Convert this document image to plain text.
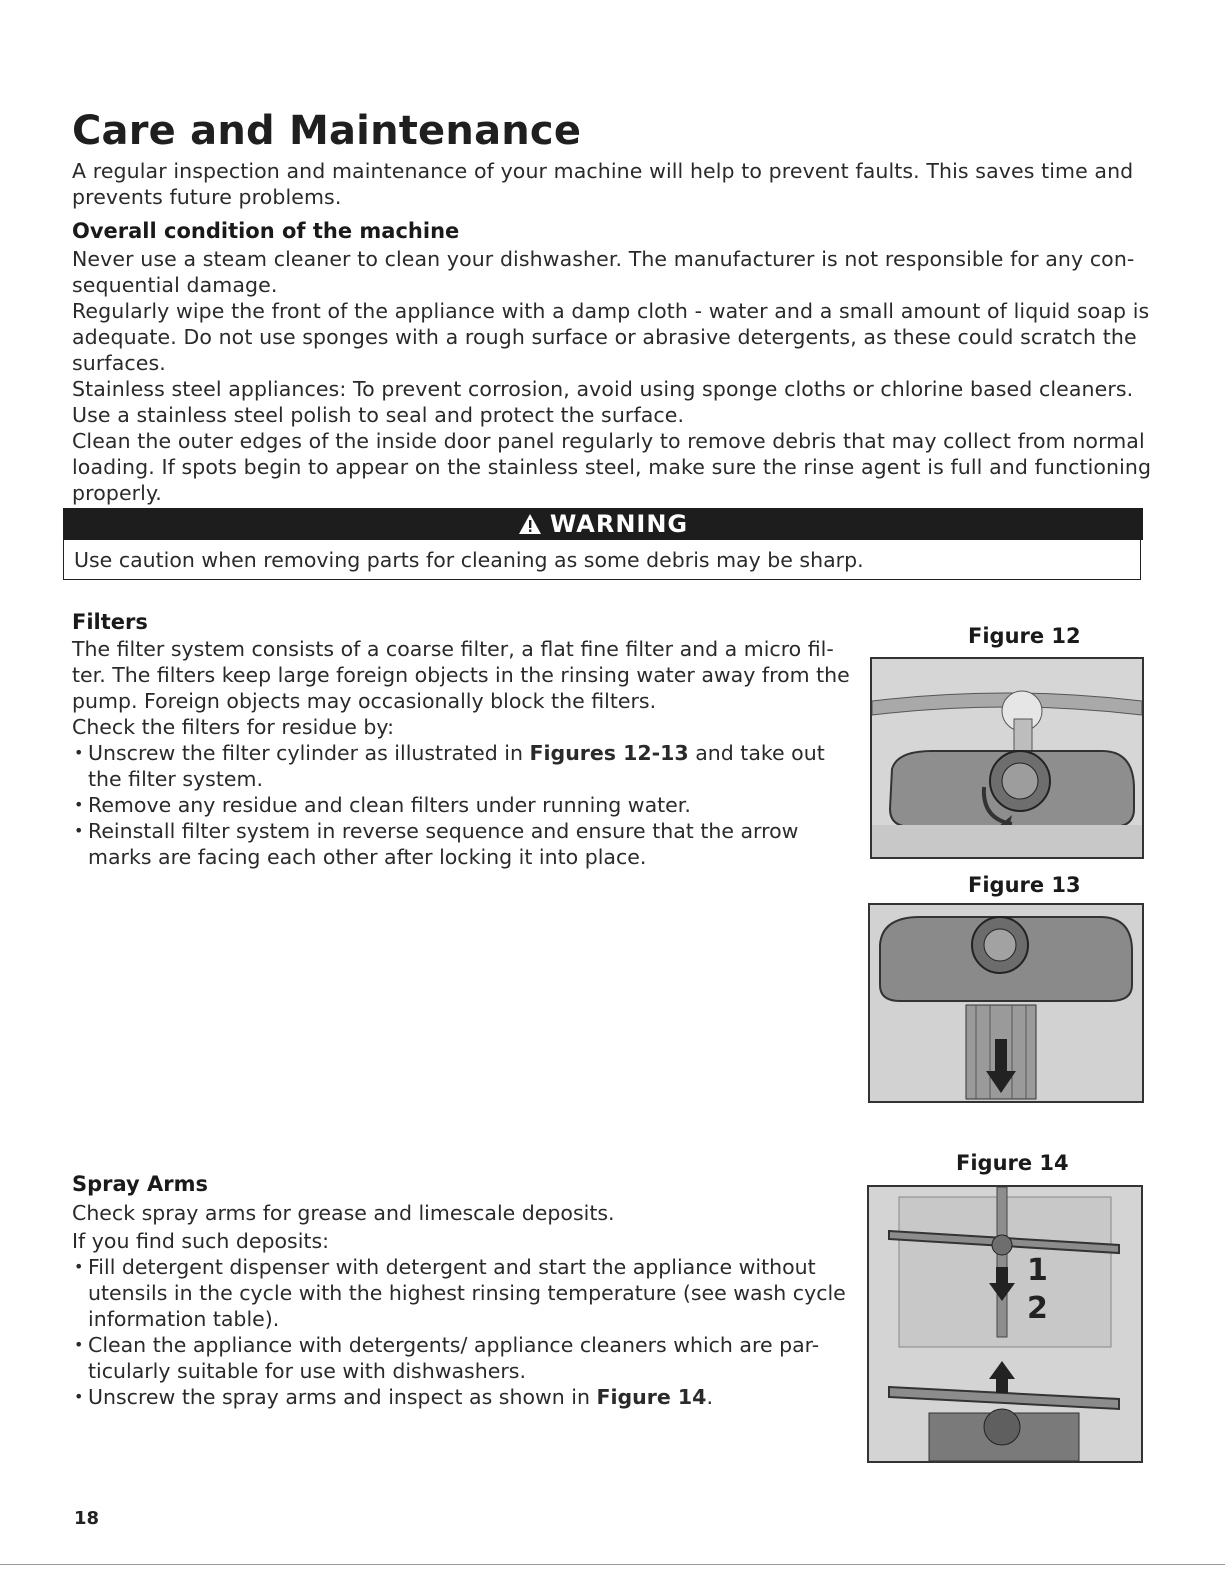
Care and Maintenance

A regular inspection and maintenance of your machine will help to prevent faults. This saves time and prevents future problems.

Overall condition of the machine

Never use a steam cleaner to clean your dishwasher. The manufacturer is not responsible for any con-sequential damage.

Regularly wipe the front of the appliance with a damp cloth - water and a small amount of liquid soap is adequate. Do not use sponges with a rough surface or abrasive detergents, as these could scratch the surfaces.

Stainless steel appliances: To prevent corrosion, avoid using sponge cloths or chlorine based cleaners. Use a stainless steel polish to seal and protect the surface.

Clean the outer edges of the inside door panel regularly to remove debris that may collect from normal loading. If spots begin to appear on the stainless steel, make sure the rinse agent is full and functioning properly.

WARNING
Use caution when removing parts for cleaning as some debris may be sharp.
Filters

The filter system consists of a coarse filter, a flat fine filter and a micro fil-ter. The filters keep large foreign objects in the rinsing water away from the pump. Foreign objects may occasionally block the filters.

Check the filters for residue by:

• Unscrew the filter cylinder as illustrated in Figures 12-13 and take out the filter system.

• Remove any residue and clean filters under running water.

• Reinstall filter system in reverse sequence and ensure that the arrow marks are facing each other after locking it into place.

Spray Arms

Check spray arms for grease and limescale deposits.

If you find such deposits:

• Fill detergent dispenser with detergent and start the appliance without utensils in the cycle with the highest rinsing temperature (see wash cycle information table).

• Clean the appliance with detergents/ appliance cleaners which are par-ticularly suitable for use with dishwashers.

• Unscrew the spray arms and inspect as shown in Figure 14.

Figure 12
Figure 13
Figure 14
1
2
18
